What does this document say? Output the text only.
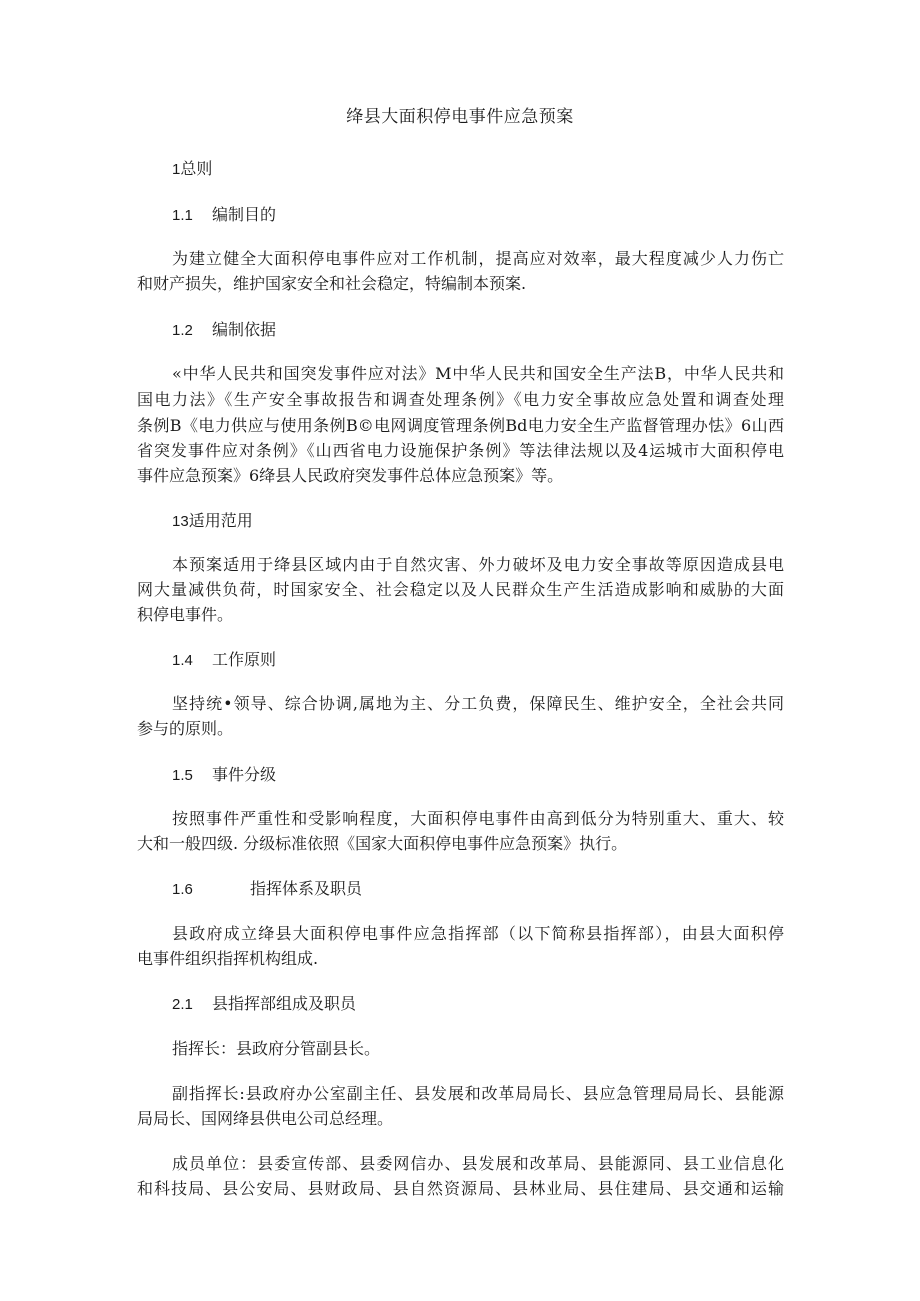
绛县大面积停电事件应急预案
1总则
1.1 编制目的
为建立健全大面积停电事件应对工作机制，提高应对效率，最大程度减少人力伤亡
和财产损失，维护国家安全和社会稳定，特编制本预案.
1.2 编制依据
«中华人民共和国突发事件应对法》M中华人民共和国安全生产法B，中华人民共和
国电力法》《生产安全事故报告和调查处理条例》《电力安全事故应急处置和调查处理
条例B《电力供应与使用条例B©电网调度管理条例Bd电力安全生产监督管理办怯》6山西
省突发事件应对条例》《山西省电力设施保护条例》等法律法规以及4运城市大面积停电
事件应急预案》6绛县人民政府突发事件总体应急预案》等。
13适用范用
本预案适用于绛县区域内由于自然灾害、外力破坏及电力安全事故等原因造成县电
网大量减供负荷，时国家安全、社会稳定以及人民群众生产生活造成影响和威胁的大面
积停电事件。
1.4 工作原则
坚持统•领导、综合协调,属地为主、分工负费，保障民生、维护安全，全社会共同
参与的原则。
1.5 事件分级
按照事件严重性和受影响程度，大面积停电事件由高到低分为特别重大、重大、较
大和一般四级. 分级标准依照《国家大面积停电事件应急预案》执行。
1.6	指挥体系及职员
县政府成立绛县大面积停电事件应急指挥部（以下简称县指挥部），由县大面积停
电事件组织指挥机构组成.
2.1 县指挥部组成及职员
指挥长：县政府分管副县长。
副指挥长:县政府办公室副主任、县发展和改革局局长、县应急管理局局长、县能源
局局长、国网绛县供电公司总经理。
成员单位：县委宣传部、县委网信办、县发展和改革局、县能源同、县工业信息化
和科技局、县公安局、县财政局、县自然资源局、县林业局、县住建局、县交通和运输
